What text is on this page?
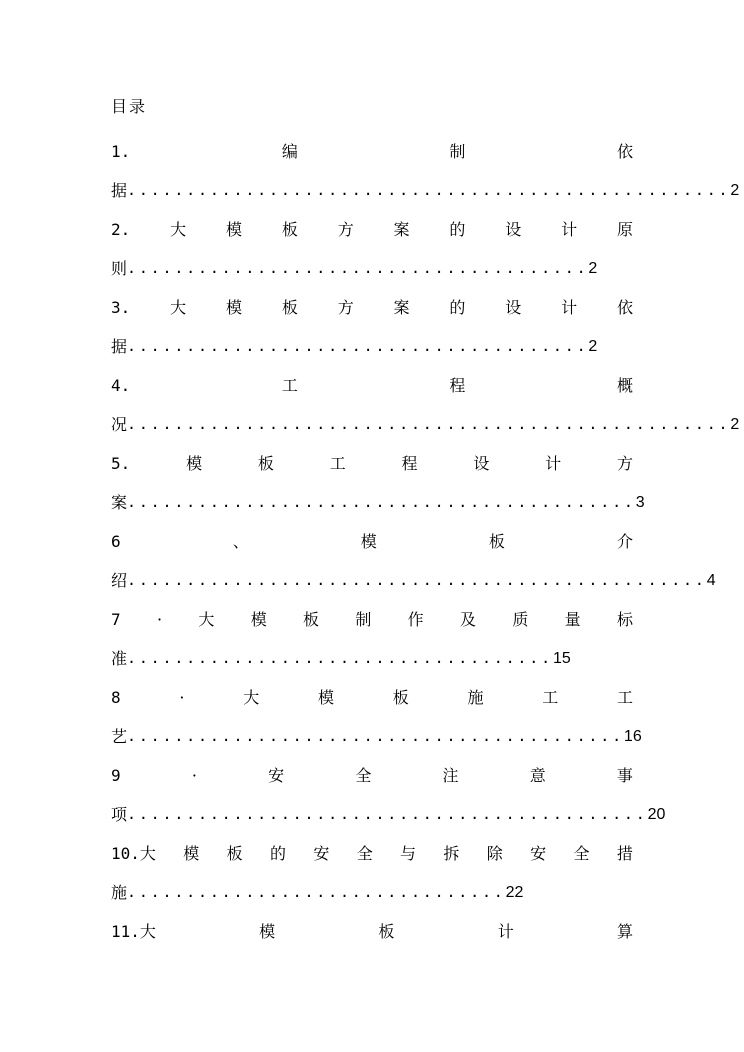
目录
1.	编	制	依
据 ................................................... 2
2. 大 模 板 方 案 的 设 计 原
则 ....................................... 2
3. 大 模 板 方 案 的 设 计 依
据 ....................................... 2
4.	工	程	概
况 ................................................... 2
5.	模	板	工	程	设	计	方
案 ........................................... 3
6	、	模	板	介
绍 ................................................. 4
7 · 大 模 板 制 作 及 质 量 标
准 .................................... 15
8	·	大	模	板	施	工	工
艺 .......................................... 16
9	·	安	全	注	意	事
项 ............................................ 20
10.大 模 板 的 安 全 与 拆 除 安 全 措
施 ................................ 22
11.大	模	板	计	算
